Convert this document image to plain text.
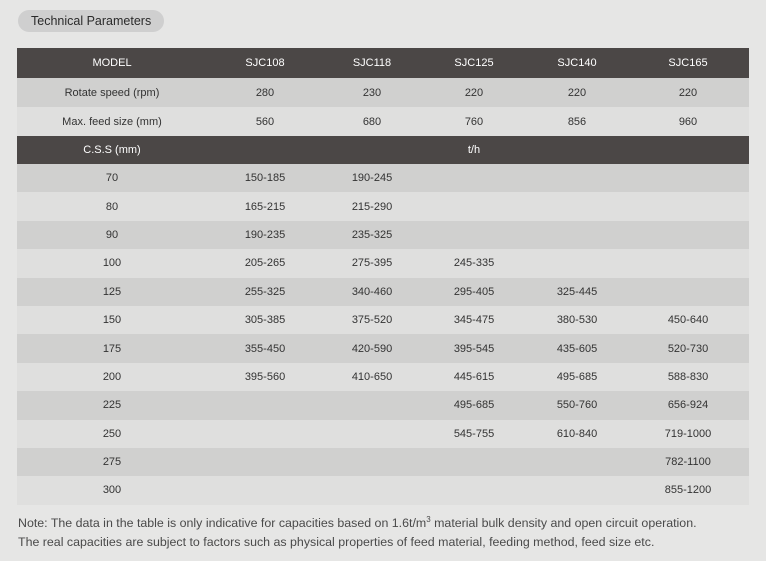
Technical Parameters
MODEL	SJC108	SJC118	SJC125	SJC140	SJC165
Rotate speed (rpm)	280	230	220	220	220
Max. feed size (mm)	560	680	760	856	960
C.S.S (mm)			t/h		
70	150-185	190-245			
80	165-215	215-290			
90	190-235	235-325			
100	205-265	275-395	245-335		
125	255-325	340-460	295-405	325-445	
150	305-385	375-520	345-475	380-530	450-640
175	355-450	420-590	395-545	435-605	520-730
200	395-560	410-650	445-615	495-685	588-830
225			495-685	550-760	656-924
250			545-755	610-840	719-1000
275					782-1100
300					855-1200
Note: The data in the table is only indicative for capacities based on $1.6t/m^3$ material bulk density and open circuit operation.
The real capacities are subject to factors such as physical properties of feed material, feeding method, feed size etc.
